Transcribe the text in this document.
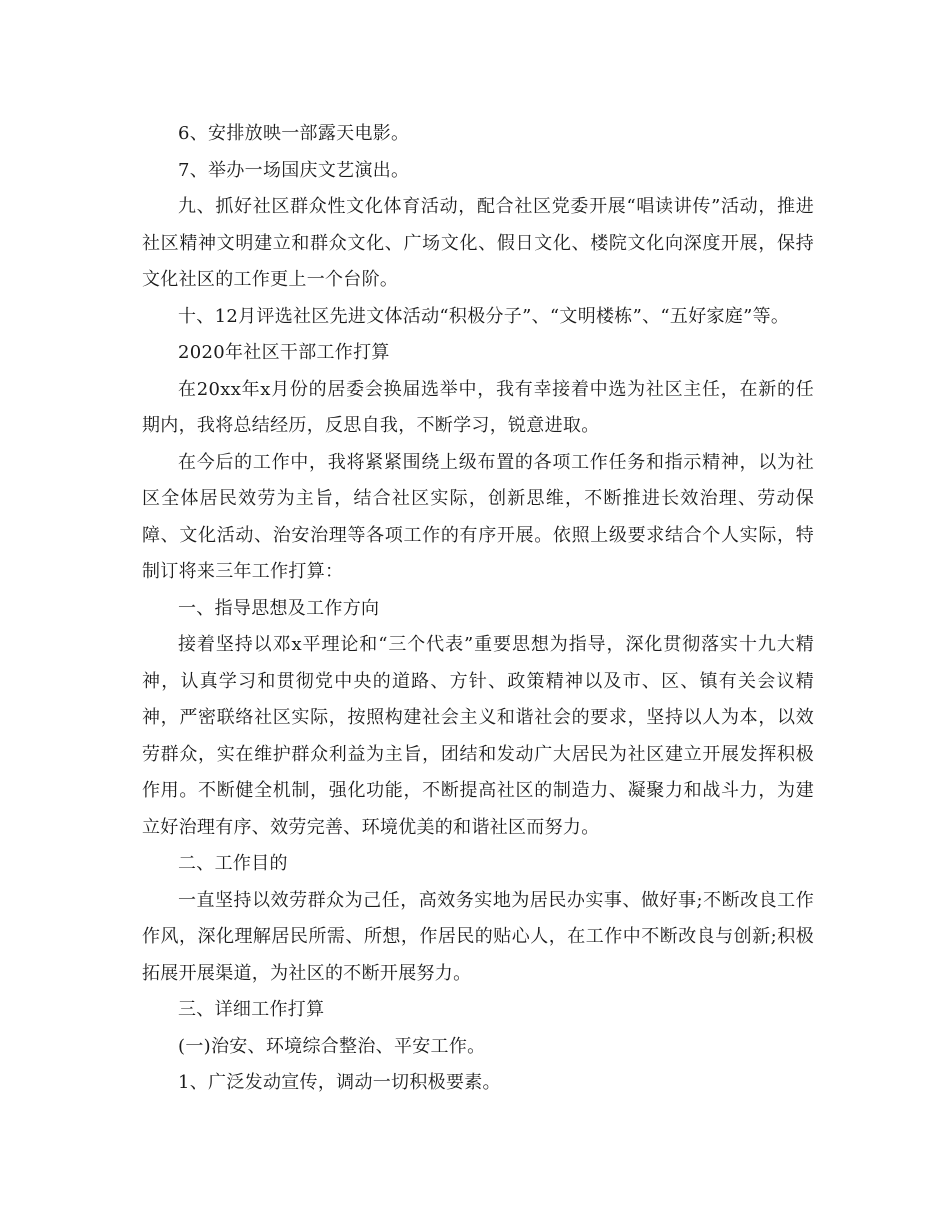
6、安排放映一部露天电影。

7、举办一场国庆文艺演出。

九、抓好社区群众性文化体育活动，配合社区党委开展“唱读讲传”活动，推进社区精神文明建立和群众文化、广场文化、假日文化、楼院文化向深度开展，保持文化社区的工作更上一个台阶。

十、12月评选社区先进文体活动“积极分子”、“文明楼栋”、“五好家庭”等。

2020年社区干部工作打算

在20xx年x月份的居委会换届选举中，我有幸接着中选为社区主任，在新的任期内，我将总结经历，反思自我，不断学习，锐意进取。

在今后的工作中，我将紧紧围绕上级布置的各项工作任务和指示精神，以为社区全体居民效劳为主旨，结合社区实际，创新思维，不断推进长效治理、劳动保障、文化活动、治安治理等各项工作的有序开展。依照上级要求结合个人实际，特制订将来三年工作打算：

一、指导思想及工作方向

接着坚持以邓x平理论和“三个代表”重要思想为指导，深化贯彻落实十九大精神，认真学习和贯彻党中央的道路、方针、政策精神以及市、区、镇有关会议精神，严密联络社区实际，按照构建社会主义和谐社会的要求，坚持以人为本，以效劳群众，实在维护群众利益为主旨，团结和发动广大居民为社区建立开展发挥积极作用。不断健全机制，强化功能，不断提高社区的制造力、凝聚力和战斗力，为建立好治理有序、效劳完善、环境优美的和谐社区而努力。

二、工作目的

一直坚持以效劳群众为己任，高效务实地为居民办实事、做好事;不断改良工作作风，深化理解居民所需、所想，作居民的贴心人，在工作中不断改良与创新;积极拓展开展渠道，为社区的不断开展努力。

三、详细工作打算

(一)治安、环境综合整治、平安工作。

1、广泛发动宣传，调动一切积极要素。
